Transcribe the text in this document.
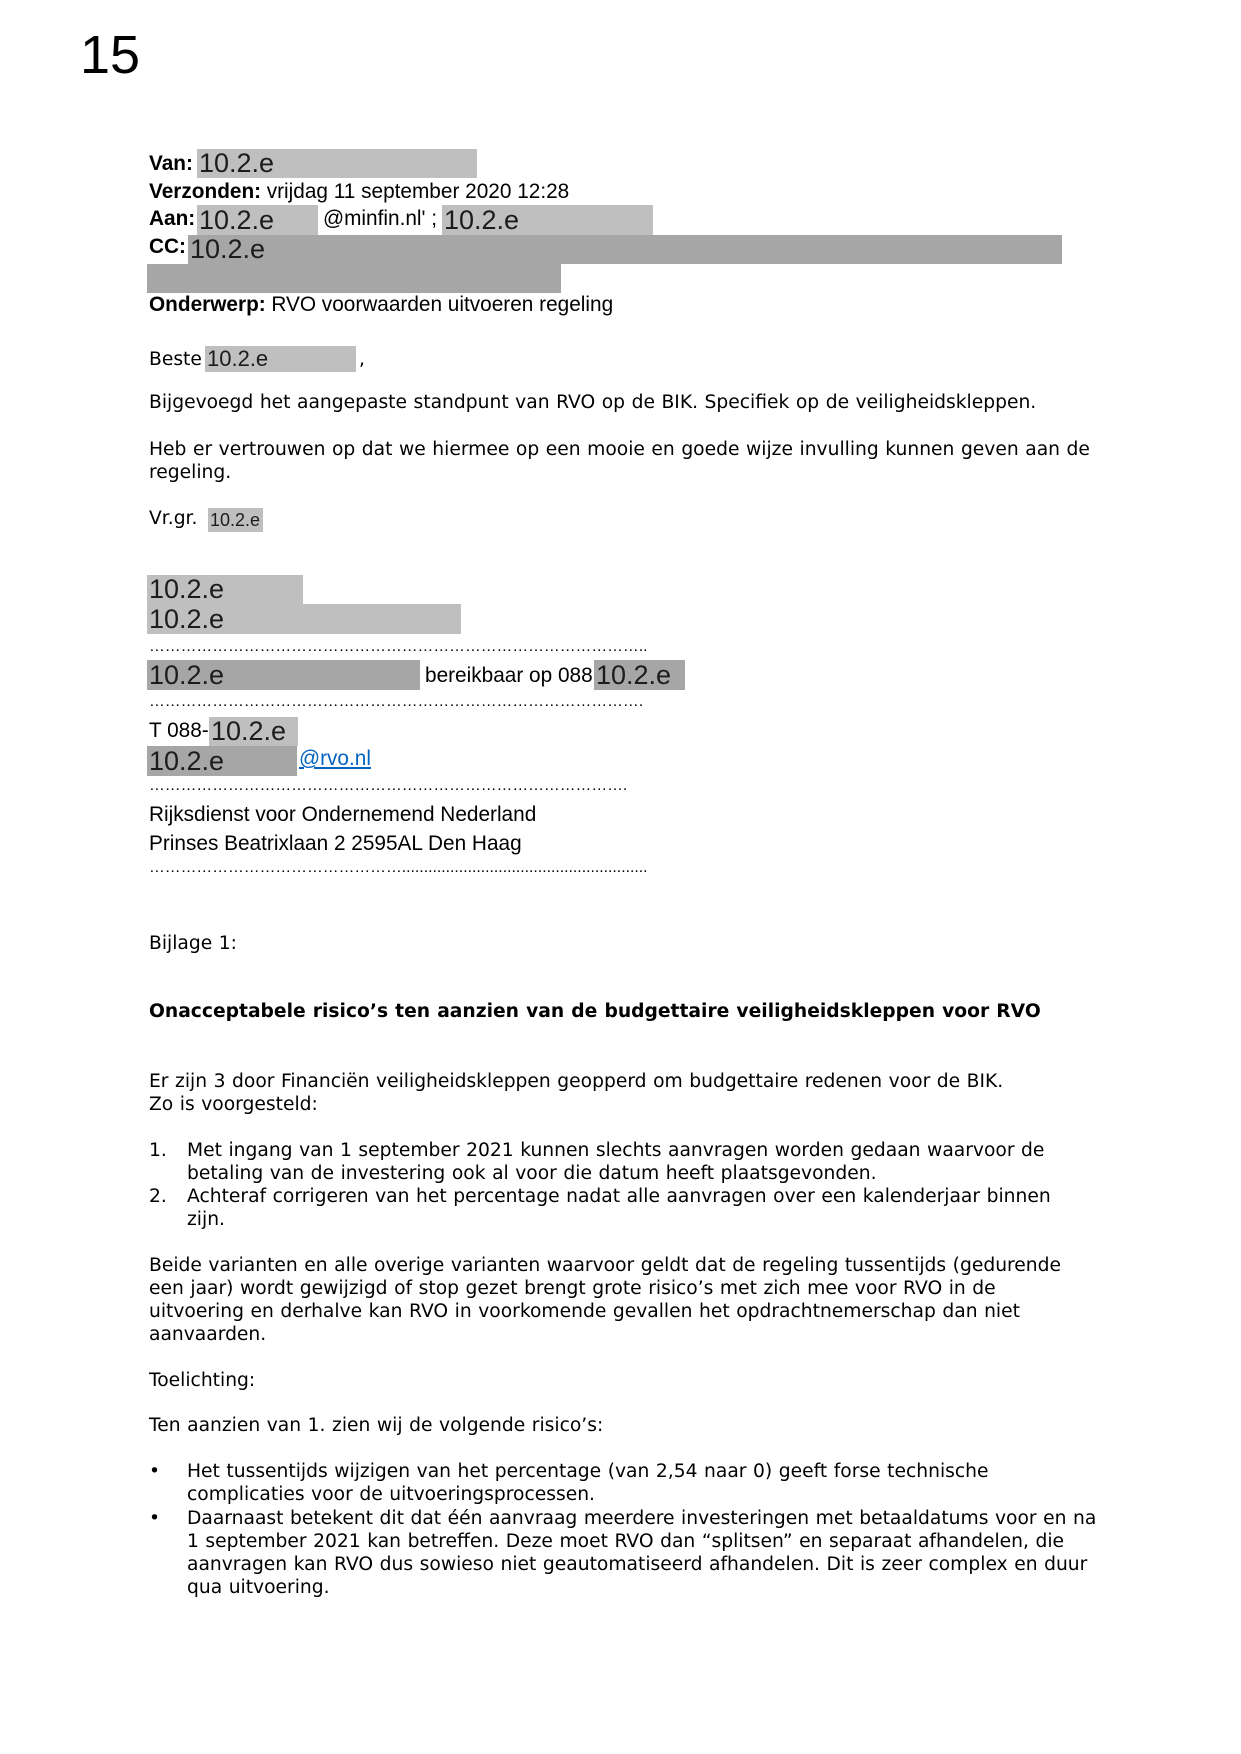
15
Van: 10.2.e
Verzonden: vrijdag 11 september 2020 12:28
Aan: 10.2.e @minfin.nl' ; 10.2.e
CC: 10.2.e
Onderwerp: RVO voorwaarden uitvoeren regeling
Beste 10.2.e	,
Bijgevoegd het aangepaste standpunt van RVO op de BIK. Specifiek op de veiligheidskleppen.
Heb er vertrouwen op dat we hiermee op een mooie en goede wijze invulling kunnen geven aan de
regeling.
Vr.gr. 10.2.e
10.2.e
10.2.e
…………………………………………………………………………………..
10.2.e	bereikbaar op 088 10.2.e
………………………………………………………………………………….
T 088- 10.2.e
10.2.e	@rvo.nl
……………………………………………………………………………….
Rijksdienst voor Ondernemend Nederland
Prinses Beatrixlaan 2 2595AL Den Haag
…………………………………………........................................................
Bijlage 1:
Onacceptabele risico’s ten aanzien van de budgettaire veiligheidskleppen voor RVO
Er zijn 3 door Financiën veiligheidskleppen geopperd om budgettaire redenen voor de BIK.
Zo is voorgesteld:
1. Met ingang van 1 september 2021 kunnen slechts aanvragen worden gedaan waarvoor de
betaling van de investering ook al voor die datum heeft plaatsgevonden.
2. Achteraf corrigeren van het percentage nadat alle aanvragen over een kalenderjaar binnen
zijn.
Beide varianten en alle overige varianten waarvoor geldt dat de regeling tussentijds (gedurende
een jaar) wordt gewijzigd of stop gezet brengt grote risico’s met zich mee voor RVO in de
uitvoering en derhalve kan RVO in voorkomende gevallen het opdrachtnemerschap dan niet
aanvaarden.
Toelichting:
Ten aanzien van 1. zien wij de volgende risico’s:
• Het tussentijds wijzigen van het percentage (van 2,54 naar 0) geeft forse technische
complicaties voor de uitvoeringsprocessen.
• Daarnaast betekent dit dat één aanvraag meerdere investeringen met betaaldatums voor en na
1 september 2021 kan betreffen. Deze moet RVO dan “splitsen” en separaat afhandelen, die
aanvragen kan RVO dus sowieso niet geautomatiseerd afhandelen. Dit is zeer complex en duur
qua uitvoering.
